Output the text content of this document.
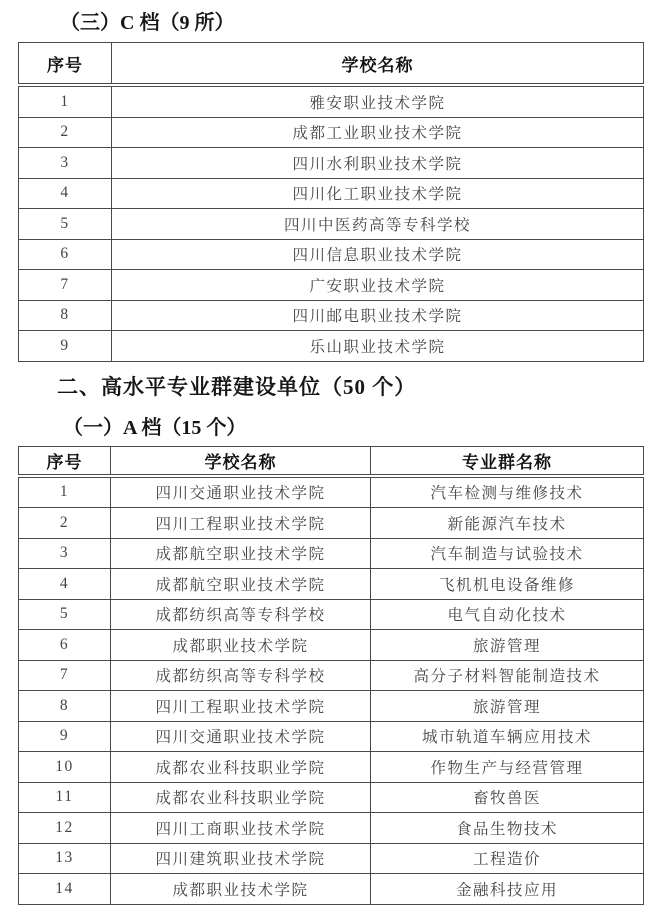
（三）C 档（9 所）
序号	学校名称
1	雅安职业技术学院
2	成都工业职业技术学院
3	四川水利职业技术学院
4	四川化工职业技术学院
5	四川中医药高等专科学校
6	四川信息职业技术学院
7	广安职业技术学院
8	四川邮电职业技术学院
9	乐山职业技术学院
二、高水平专业群建设单位（50 个）
（一）A 档（15 个）
序号	学校名称	专业群名称
1	四川交通职业技术学院	汽车检测与维修技术
2	四川工程职业技术学院	新能源汽车技术
3	成都航空职业技术学院	汽车制造与试验技术
4	成都航空职业技术学院	飞机机电设备维修
5	成都纺织高等专科学校	电气自动化技术
6	成都职业技术学院	旅游管理
7	成都纺织高等专科学校	高分子材料智能制造技术
8	四川工程职业技术学院	旅游管理
9	四川交通职业技术学院	城市轨道车辆应用技术
10	成都农业科技职业学院	作物生产与经营管理
11	成都农业科技职业学院	畜牧兽医
12	四川工商职业技术学院	食品生物技术
13	四川建筑职业技术学院	工程造价
14	成都职业技术学院	金融科技应用
